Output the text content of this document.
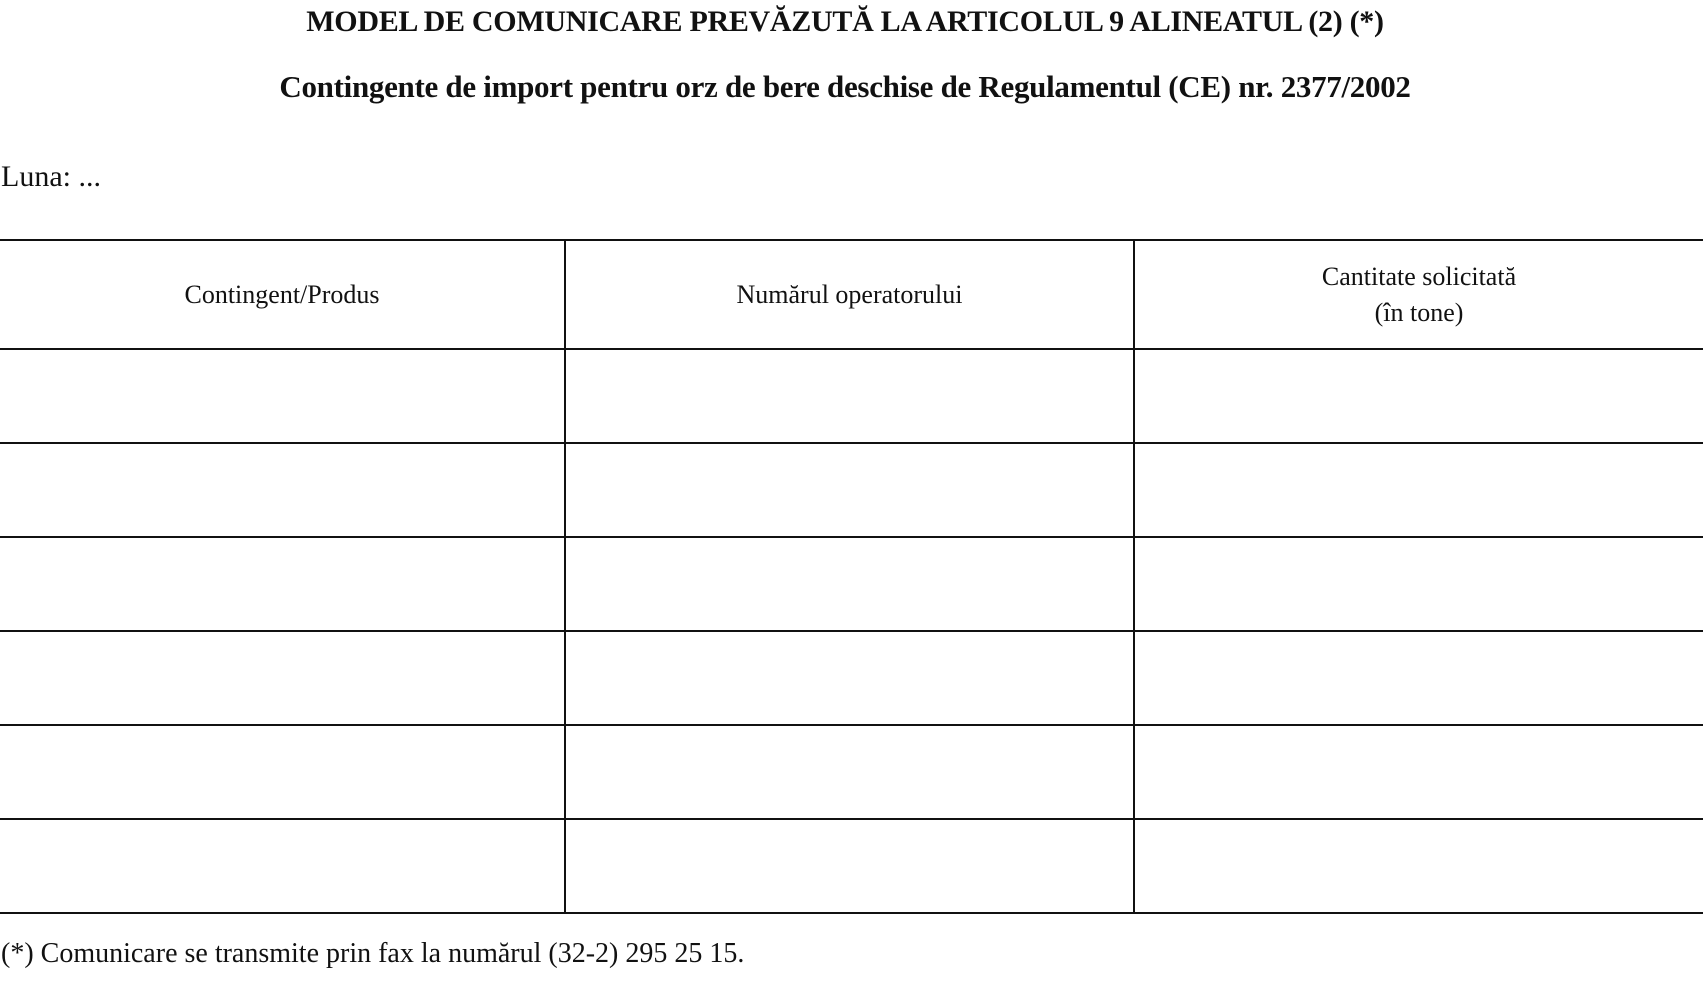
MODEL DE COMUNICARE PREVĂZUTĂ LA ARTICOLUL 9 ALINEATUL (2) (*)
Contingente de import pentru orz de bere deschise de Regulamentul (CE) nr. 2377/2002
Luna: ...
Contingent/Produs	Numărul operatorului	Cantitate solicitată
(în tone)

(*) Comunicare se transmite prin fax la numărul (32-2) 295 25 15.
